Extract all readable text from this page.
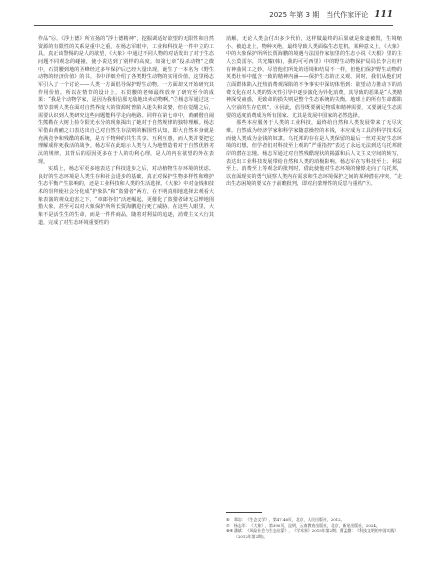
2025 年第 3 期　当代作家评论 111

作品”⑥。《浮士德》所宣扬的“浮士德精神”，挖掘调适好欲望的无限性和自然资源的有限性的关系是重中之重。在杨志军眼中，工业和科技是一件中立的工具，真正该警惕的是人的欲望，《大象》中通过不同人物的对话发出了对于生态问题不同观念的碰撞，使小说达到了别样的高度。如第七章“役杀动物”之微中，石贯腰到地的圣峰经过多年保护后已经大量出现，诞生了一本名为《野生动物的经济价值》的书。书中详细介绍了各类野生动物的实用价值，这里杨志军引入了一个讨论——人类一方面倡导保护野生动物，一方面却又开始研究其作用价值。所以在情节的设计上，石贯腰的老师最终放弃了研究至今的成果：“我是个动物学家，是因为我相信那无敌地出卖动物啊。”⑦杨志军通过这一情节表明人类在面对自然界庞大的资源时曾陷入迷失和贪婪，但在觉醒之后，需要认识到人类研究这些问题能科学走向绝路。同样在第七章中，黄鹂偕自闹生熊勒在大树上捡令阳光水分的现象揭出了她对于自然规律的独特理解。杨志军借由黄鹂之口表达出自己对自然生存法则的解围性认知，即大自然本身就是充满竞争和残酷的系统，是万千物种的共生共享、互利互惠，而人类并要把它理解成你死我活的战争。杨志军在此暗示人类与人为地塑造着对于自然优胜劣汰的规律，其背后的原因更多在于人的功利心理，是人的内在欲望的外在表现。

实质上，杨志军更多地表达了科技进步之后，对动植物生存环境的忧虑。良好的生态环境是人类生存和社会进步的基础，真正对保护生物多样性和维护生态平衡产生影响的，还是工业科技和人类的生活选择。《大象》中对金钱和技术的崇拜使社会分化成“护象队”和“盗猎者”两方，在不明真相地选择去观看大象表演的观众迫害之下，“章郎谷们”活迹崛起，更催化了盗猎者肆无忌惮地围猎大象，甚至可以对大象保护所所长贾海鹏进行死亡威胁。在这些人眼里，大象不是活生生的生命，而是一件件商品，随着对利益的追逐，消费主义大行其道，完成了对生态环境重要性的

消解，无论人类会付出多少代价，这样做最终的后果就是象道被毁，生境缩小、被迫北上，物种灭绝，最终导致人类面临生态危机。某种意义上，《大象》中的大象保护所所长贾海鹏的境遇与法国作家加里的生态小说《天根》里的主人公莫雷尔，共光耀(韩)，我的可可西里》中的野生动物保护局局长李言杠杆有神曲同工之妙。尽管他们所处的语境和结局不一样，但他们保护野生动物的英勇壮举中蕴含一致的精神内涵——保护生态的正义观。同时，我们从他们对立面群体陷入狂热消费观深陷的不争事实中深切体悟到：欲望动力推动下的消费文化在对人类的毁灭性引导中逐步演化为异化消费，其导致的恶果是“人类精神深受蛊惑，更致命的损失则是整个生态系统的失衡，地球上的所有生命都陷入空前的生存危机”。⑧因此，倡导既要满足物质和精神需要，又要满足生态需要的适度消费成为所有国家、尤其是发展中国家的必然选择。

那些本应服务于人类的工业科技，最终给自然和人类发展带来了无尽灾难。自然成为经济学家和科学家随意操控的本钱，本应成为工具的科学技术反而使人类成为金钱的奴隶。乌托邦的存在是人类保留的最后一丝对美好生态环境的幻想，但学者们对科技至上观的“严重指控”表达了永远无法到达乌托邦彼岸的潜在忘憧。杨志军通过对自然残酷现状的揭露和后人文主义空间的转写，表达出工业科技发展带给自然和人类的消极影响。杨志军在写科技至上、利益至上、消费至上等观念的批判时，借此使他对生态环境的憧憬走向了乌托邦，以直面现实的勇气展察人类内在需求和生态环境保护之间的某种潜在冲突，“走出生态困境的要义在于前瞻批判，即对启蒙理性的反思与重构”⑨。

⑥ 郑岩：《生态文学》，第47.46页，北京，人民出版社，2012。

⑦ 杨志军：《大象》，第390页，昆明，云南教育出版社，北京，新星出版社，2024。

⑧⑨ 潘斌：《风险社会与生态启蒙》，《学术界》2015年第2期；曹孟勤：《科技文明的中国实践》（2012年第2期)。
